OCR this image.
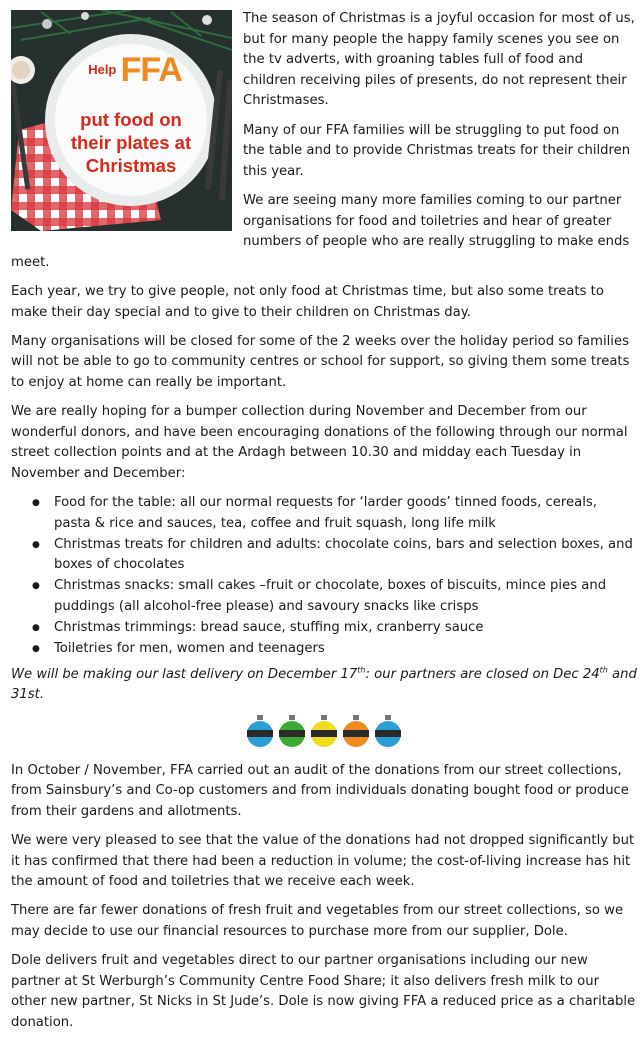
Help FFA
put food on
their plates at
Christmas

The season of Christmas is a joyful occasion for most of us, but for many people the happy family scenes you see on the tv adverts, with groaning tables full of food and children receiving piles of presents, do not represent their Christmases.

Many of our FFA families will be struggling to put food on the table and to provide Christmas treats for their children this year.

We are seeing many more families coming to our partner organisations for food and toiletries and hear of greater numbers of people who are really struggling to make ends meet.

Each year, we try to give people, not only food at Christmas time, but also some treats to make their day special and to give to their children on Christmas day.

Many organisations will be closed for some of the 2 weeks over the holiday period so families will not be able to go to community centres or school for support, so giving them some treats to enjoy at home can really be important.

We are really hoping for a bumper collection during November and December from our wonderful donors, and have been encouraging donations of the following through our normal street collection points and at the Ardagh between 10.30 and midday each Tuesday in November and December:

● Food for the table: all our normal requests for ‘larder goods’ tinned foods, cereals, pasta & rice and sauces, tea, coffee and fruit squash, long life milk
● Christmas treats for children and adults: chocolate coins, bars and selection boxes, and boxes of chocolates
● Christmas snacks: small cakes –fruit or chocolate, boxes of biscuits, mince pies and puddings (all alcohol-free please) and savoury snacks like crisps
● Christmas trimmings: bread sauce, stuffing mix, cranberry sauce
● Toiletries for men, women and teenagers

We will be making our last delivery on December 17th: our partners are closed on Dec 24th and 31st.

In October / November, FFA carried out an audit of the donations from our street collections, from Sainsbury’s and Co-op customers and from individuals donating bought food or produce from their gardens and allotments.

We were very pleased to see that the value of the donations had not dropped significantly but it has confirmed that there had been a reduction in volume; the cost-of-living increase has hit the amount of food and toiletries that we receive each week.

There are far fewer donations of fresh fruit and vegetables from our street collections, so we may decide to use our financial resources to purchase more from our supplier, Dole.

Dole delivers fruit and vegetables direct to our partner organisations including our new partner at St Werburgh’s Community Centre Food Share; it also delivers fresh milk to our other new partner, St Nicks in St Jude’s. Dole is now giving FFA a reduced price as a charitable donation.
